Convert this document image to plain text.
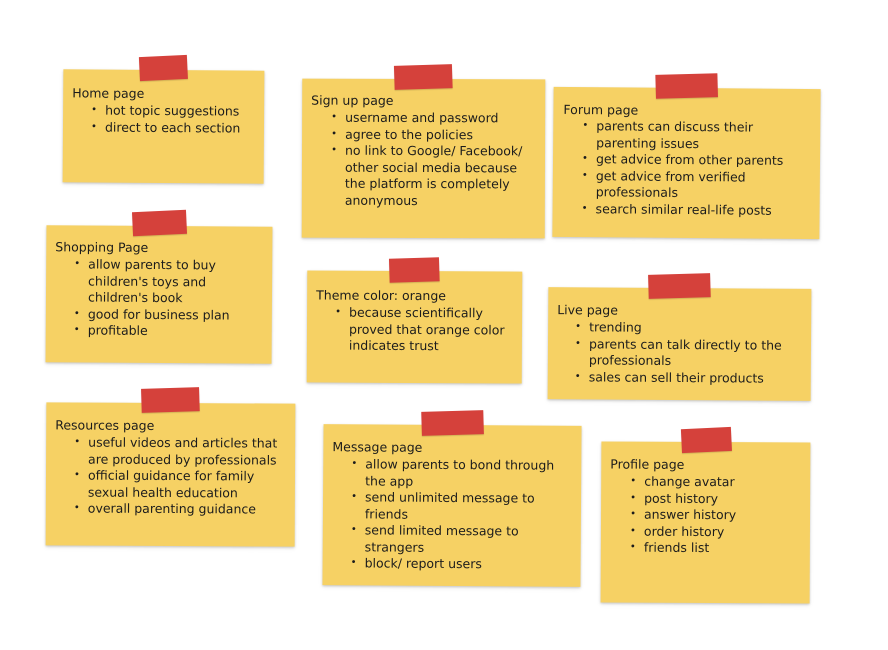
Home page
• hot topic suggestions
• direct to each section
Sign up page
• username and password
• agree to the policies
• no link to Google/ Facebook/ other social media because the platform is completely anonymous
Forum page
• parents can discuss their parenting issues
• get advice from other parents
• get advice from verified professionals
• search similar real-life posts
Shopping Page
• allow parents to buy children's toys and children's book
• good for business plan
• profitable
Theme color: orange
• because scientifically proved that orange color indicates trust
Live page
• trending
• parents can talk directly to the professionals
• sales can sell their products
Resources page
• useful videos and articles that are produced by professionals
• official guidance for family sexual health education
• overall parenting guidance
Message page
• allow parents to bond through the app
• send unlimited message to friends
• send limited message to strangers
• block/ report users
Profile page
• change avatar
• post history
• answer history
• order history
• friends list
